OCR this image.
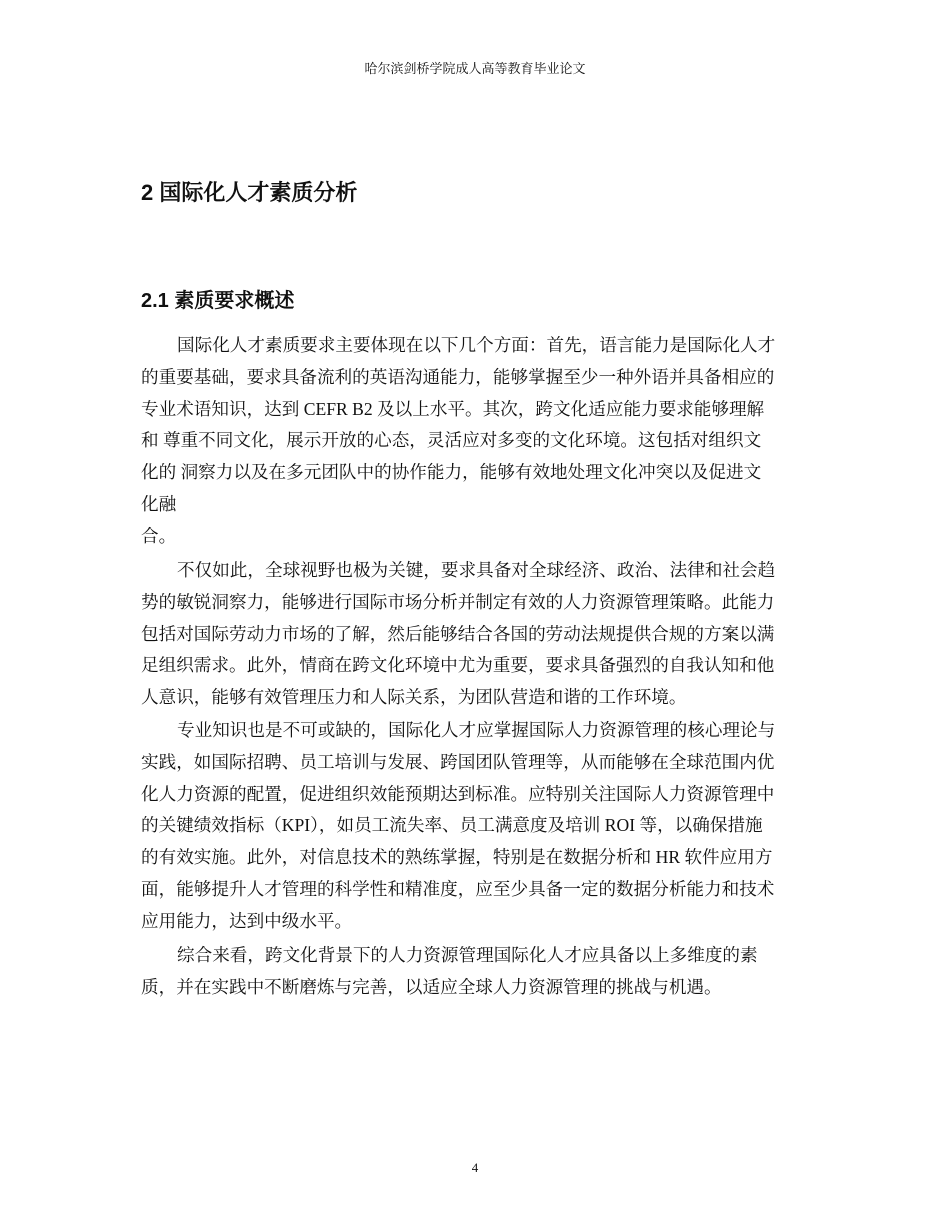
哈尔滨剑桥学院成人高等教育毕业论文
2 国际化人才素质分析
2.1 素质要求概述
国际化人才素质要求主要体现在以下几个方面：首先，语言能力是国际化人才
的重要基础，要求具备流利的英语沟通能力，能够掌握至少一种外语并具备相应的
专业术语知识，达到 CEFR B2 及以上水平。其次，跨文化适应能力要求能够理解
和 尊重不同文化，展示开放的心态，灵活应对多变的文化环境。这包括对组织文
化的 洞察力以及在多元团队中的协作能力，能够有效地处理文化冲突以及促进文
化融
合。
不仅如此，全球视野也极为关键，要求具备对全球经济、政治、法律和社会趋
势的敏锐洞察力，能够进行国际市场分析并制定有效的人力资源管理策略。此能力
包括对国际劳动力市场的了解，然后能够结合各国的劳动法规提供合规的方案以满
足组织需求。此外，情商在跨文化环境中尤为重要，要求具备强烈的自我认知和他
人意识，能够有效管理压力和人际关系，为团队营造和谐的工作环境。
专业知识也是不可或缺的，国际化人才应掌握国际人力资源管理的核心理论与
实践，如国际招聘、员工培训与发展、跨国团队管理等，从而能够在全球范围内优
化人力资源的配置，促进组织效能预期达到标准。应特别关注国际人力资源管理中
的关键绩效指标（KPI），如员工流失率、员工满意度及培训 ROI 等，以确保措施
的有效实施。此外，对信息技术的熟练掌握，特别是在数据分析和 HR 软件应用方
面，能够提升人才管理的科学性和精准度，应至少具备一定的数据分析能力和技术
应用能力，达到中级水平。
综合来看，跨文化背景下的人力资源管理国际化人才应具备以上多维度的素
质，并在实践中不断磨炼与完善，以适应全球人力资源管理的挑战与机遇。
4
